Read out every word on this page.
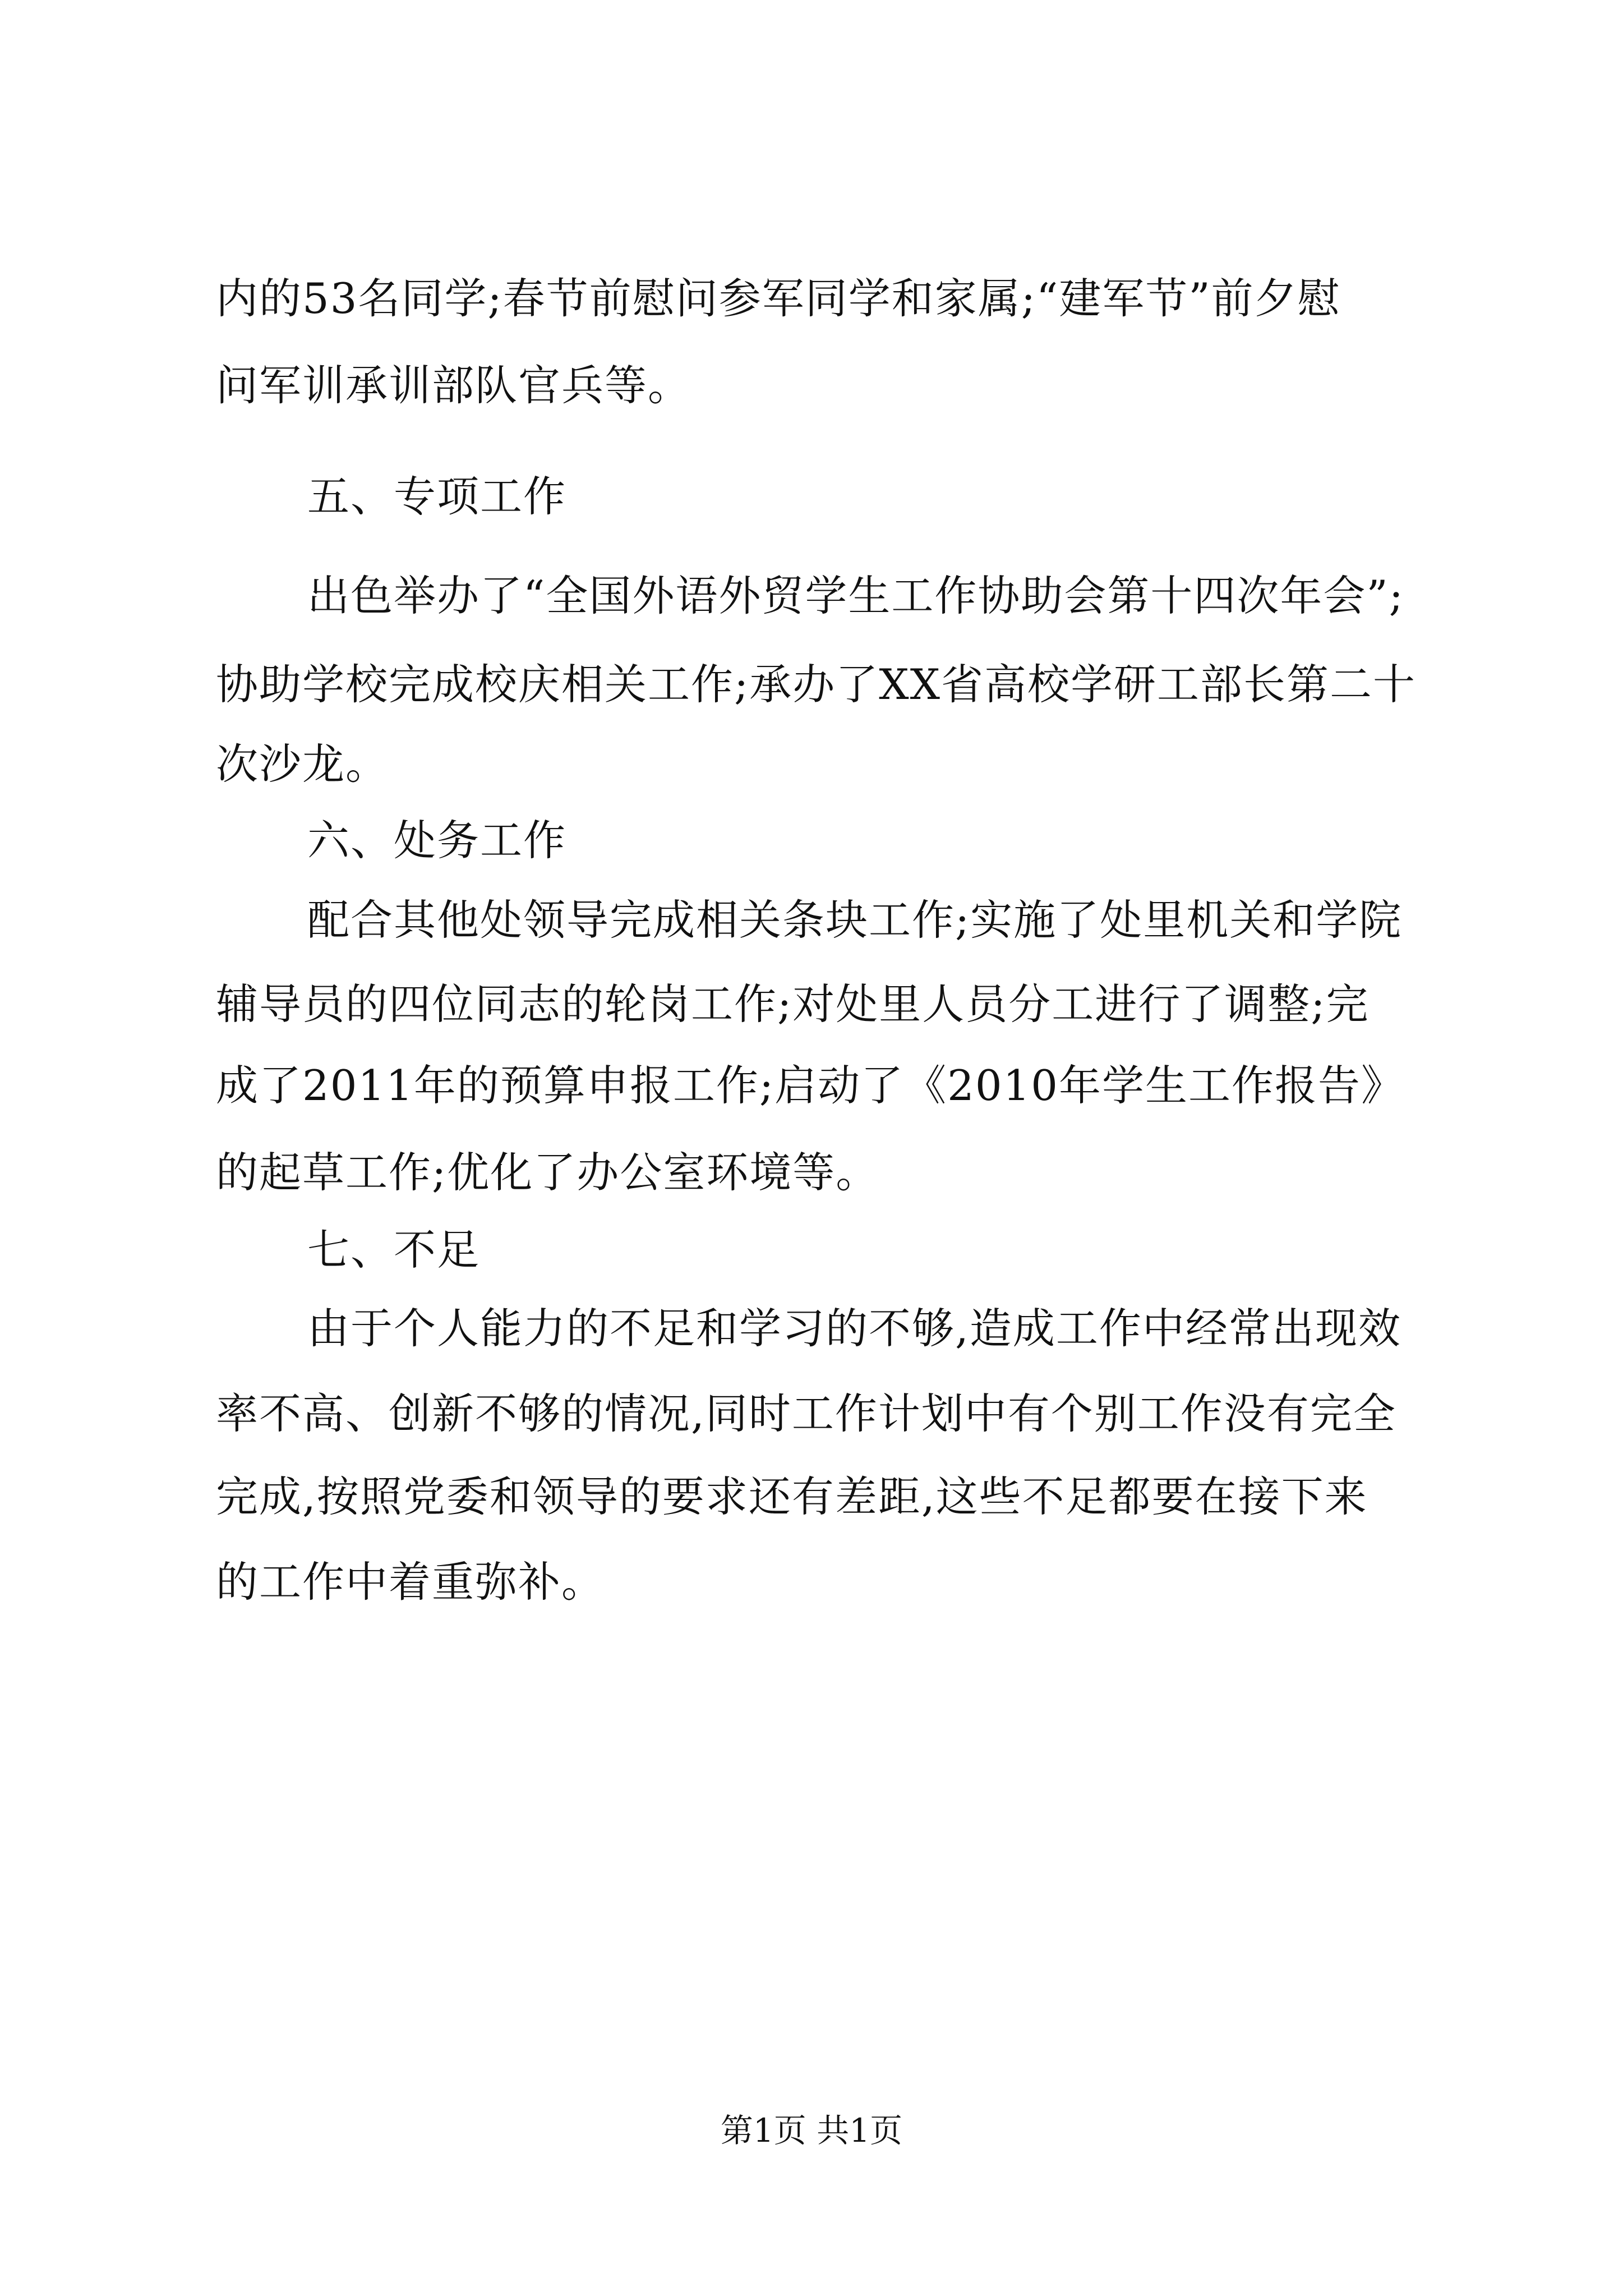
内的53名同学;春节前慰问参军同学和家属;“建军节”前夕慰
问军训承训部队官兵等。
五、专项工作
出色举办了“全国外语外贸学生工作协助会第十四次年会”;
协助学校完成校庆相关工作;承办了XX省高校学研工部长第二十
次沙龙。
六、处务工作
配合其他处领导完成相关条块工作;实施了处里机关和学院
辅导员的四位同志的轮岗工作;对处里人员分工进行了调整;完
成了2011年的预算申报工作;启动了《2010年学生工作报告》
的起草工作;优化了办公室环境等。
七、不足
由于个人能力的不足和学习的不够,造成工作中经常出现效
率不高、创新不够的情况,同时工作计划中有个别工作没有完全
完成,按照党委和领导的要求还有差距,这些不足都要在接下来
的工作中着重弥补。
第1页 共1页
